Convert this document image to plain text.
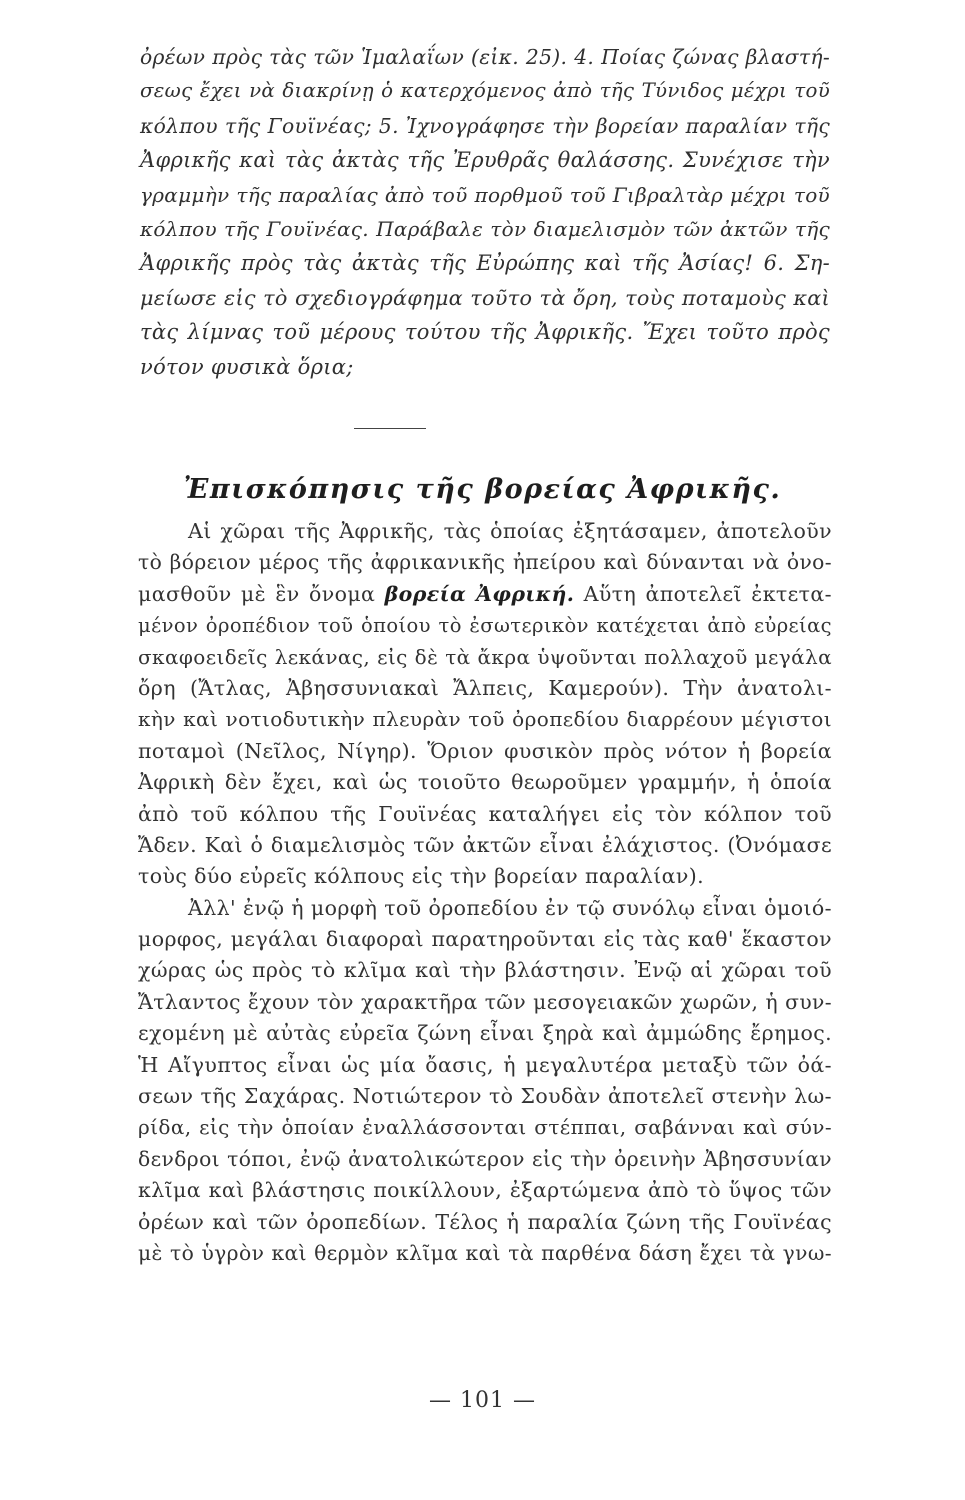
ὀρέων πρὸς τὰς τῶν Ἱμαλαΐων (εἰκ. 25). 4. Ποίας ζώνας βλαστή-
σεως ἔχει νὰ διακρίνῃ ὁ κατερχόμενος ἀπὸ τῆς Τύνιδος μέχρι τοῦ
κόλπου τῆς Γουϊνέας; 5. Ἰχνογράφησε τὴν βορείαν παραλίαν τῆς
Ἀφρικῆς καὶ τὰς ἀκτὰς τῆς Ἐρυθρᾶς θαλάσσης. Συνέχισε τὴν
γραμμὴν τῆς παραλίας ἀπὸ τοῦ πορθμοῦ τοῦ Γιβραλτὰρ μέχρι τοῦ
κόλπου τῆς Γουϊνέας. Παράβαλε τὸν διαμελισμὸν τῶν ἀκτῶν τῆς
Ἀφρικῆς πρὸς τὰς ἀκτὰς τῆς Εὐρώπης καὶ τῆς Ἀσίας! 6. Ση-
μείωσε εἰς τὸ σχεδιογράφημα τοῦτο τὰ ὄρη, τοὺς ποταμοὺς καὶ
τὰς λίμνας τοῦ μέρους τούτου τῆς Ἀφρικῆς. Ἔχει τοῦτο πρὸς
νότον φυσικὰ ὅρια;
Ἐπισκόπησις τῆς βορείας Ἀφρικῆς.
Αἱ χῶραι τῆς Ἀφρικῆς, τὰς ὁποίας ἐξητάσαμεν, ἀποτελοῦν
τὸ βόρειον μέρος τῆς ἀφρικανικῆς ἠπείρου καὶ δύνανται νὰ ὀνο-
μασθοῦν μὲ ἓν ὄνομα βορεία Ἀφρική. Αὕτη ἀποτελεῖ ἐκτετα-
μένον ὀροπέδιον τοῦ ὁποίου τὸ ἐσωτερικὸν κατέχεται ἀπὸ εὐρείας
σκαφοειδεῖς λεκάνας, εἰς δὲ τὰ ἄκρα ὑψοῦνται πολλαχοῦ μεγάλα
ὄρη (Ἄτλας, Ἀβησσυνιακαὶ Ἄλπεις, Καμερούν). Τὴν ἀνατολι-
κὴν καὶ νοτιοδυτικὴν πλευρὰν τοῦ ὀροπεδίου διαρρέουν μέγιστοι
ποταμοὶ (Νεῖλος, Νίγηρ). Ὅριον φυσικὸν πρὸς νότον ἡ βορεία
Ἀφρικὴ δὲν ἔχει, καὶ ὡς τοιοῦτο θεωροῦμεν γραμμήν, ἡ ὁποία
ἀπὸ τοῦ κόλπου τῆς Γουϊνέας καταλήγει εἰς τὸν κόλπον τοῦ
Ἄδεν. Καὶ ὁ διαμελισμὸς τῶν ἀκτῶν εἶναι ἐλάχιστος. (Ὀνόμασε
τοὺς δύο εὐρεῖς κόλπους εἰς τὴν βορείαν παραλίαν).
Ἀλλ' ἐνῷ ἡ μορφὴ τοῦ ὀροπεδίου ἐν τῷ συνόλῳ εἶναι ὁμοιό-
μορφος, μεγάλαι διαφοραὶ παρατηροῦνται εἰς τὰς καθ' ἕκαστον
χώρας ὡς πρὸς τὸ κλῖμα καὶ τὴν βλάστησιν. Ἐνῷ αἱ χῶραι τοῦ
Ἄτλαντος ἔχουν τὸν χαρακτῆρα τῶν μεσογειακῶν χωρῶν, ἡ συν-
εχομένη μὲ αὐτὰς εὐρεῖα ζώνη εἶναι ξηρὰ καὶ ἀμμώδης ἔρημος.
Ἡ Αἴγυπτος εἶναι ὡς μία ὄασις, ἡ μεγαλυτέρα μεταξὺ τῶν ὀά-
σεων τῆς Σαχάρας. Νοτιώτερον τὸ Σουδὰν ἀποτελεῖ στενὴν λω-
ρίδα, εἰς τὴν ὁποίαν ἐναλλάσσονται στέππαι, σαβάνναι καὶ σύν-
δενδροι τόποι, ἐνῷ ἀνατολικώτερον εἰς τὴν ὀρεινὴν Ἀβησσυνίαν
κλῖμα καὶ βλάστησις ποικίλλουν, ἐξαρτώμενα ἀπὸ τὸ ὕψος τῶν
ὀρέων καὶ τῶν ὀροπεδίων. Τέλος ἡ παραλία ζώνη τῆς Γουϊνέας
μὲ τὸ ὑγρὸν καὶ θερμὸν κλῖμα καὶ τὰ παρθένα δάση ἔχει τὰ γνω-
— 101 —
